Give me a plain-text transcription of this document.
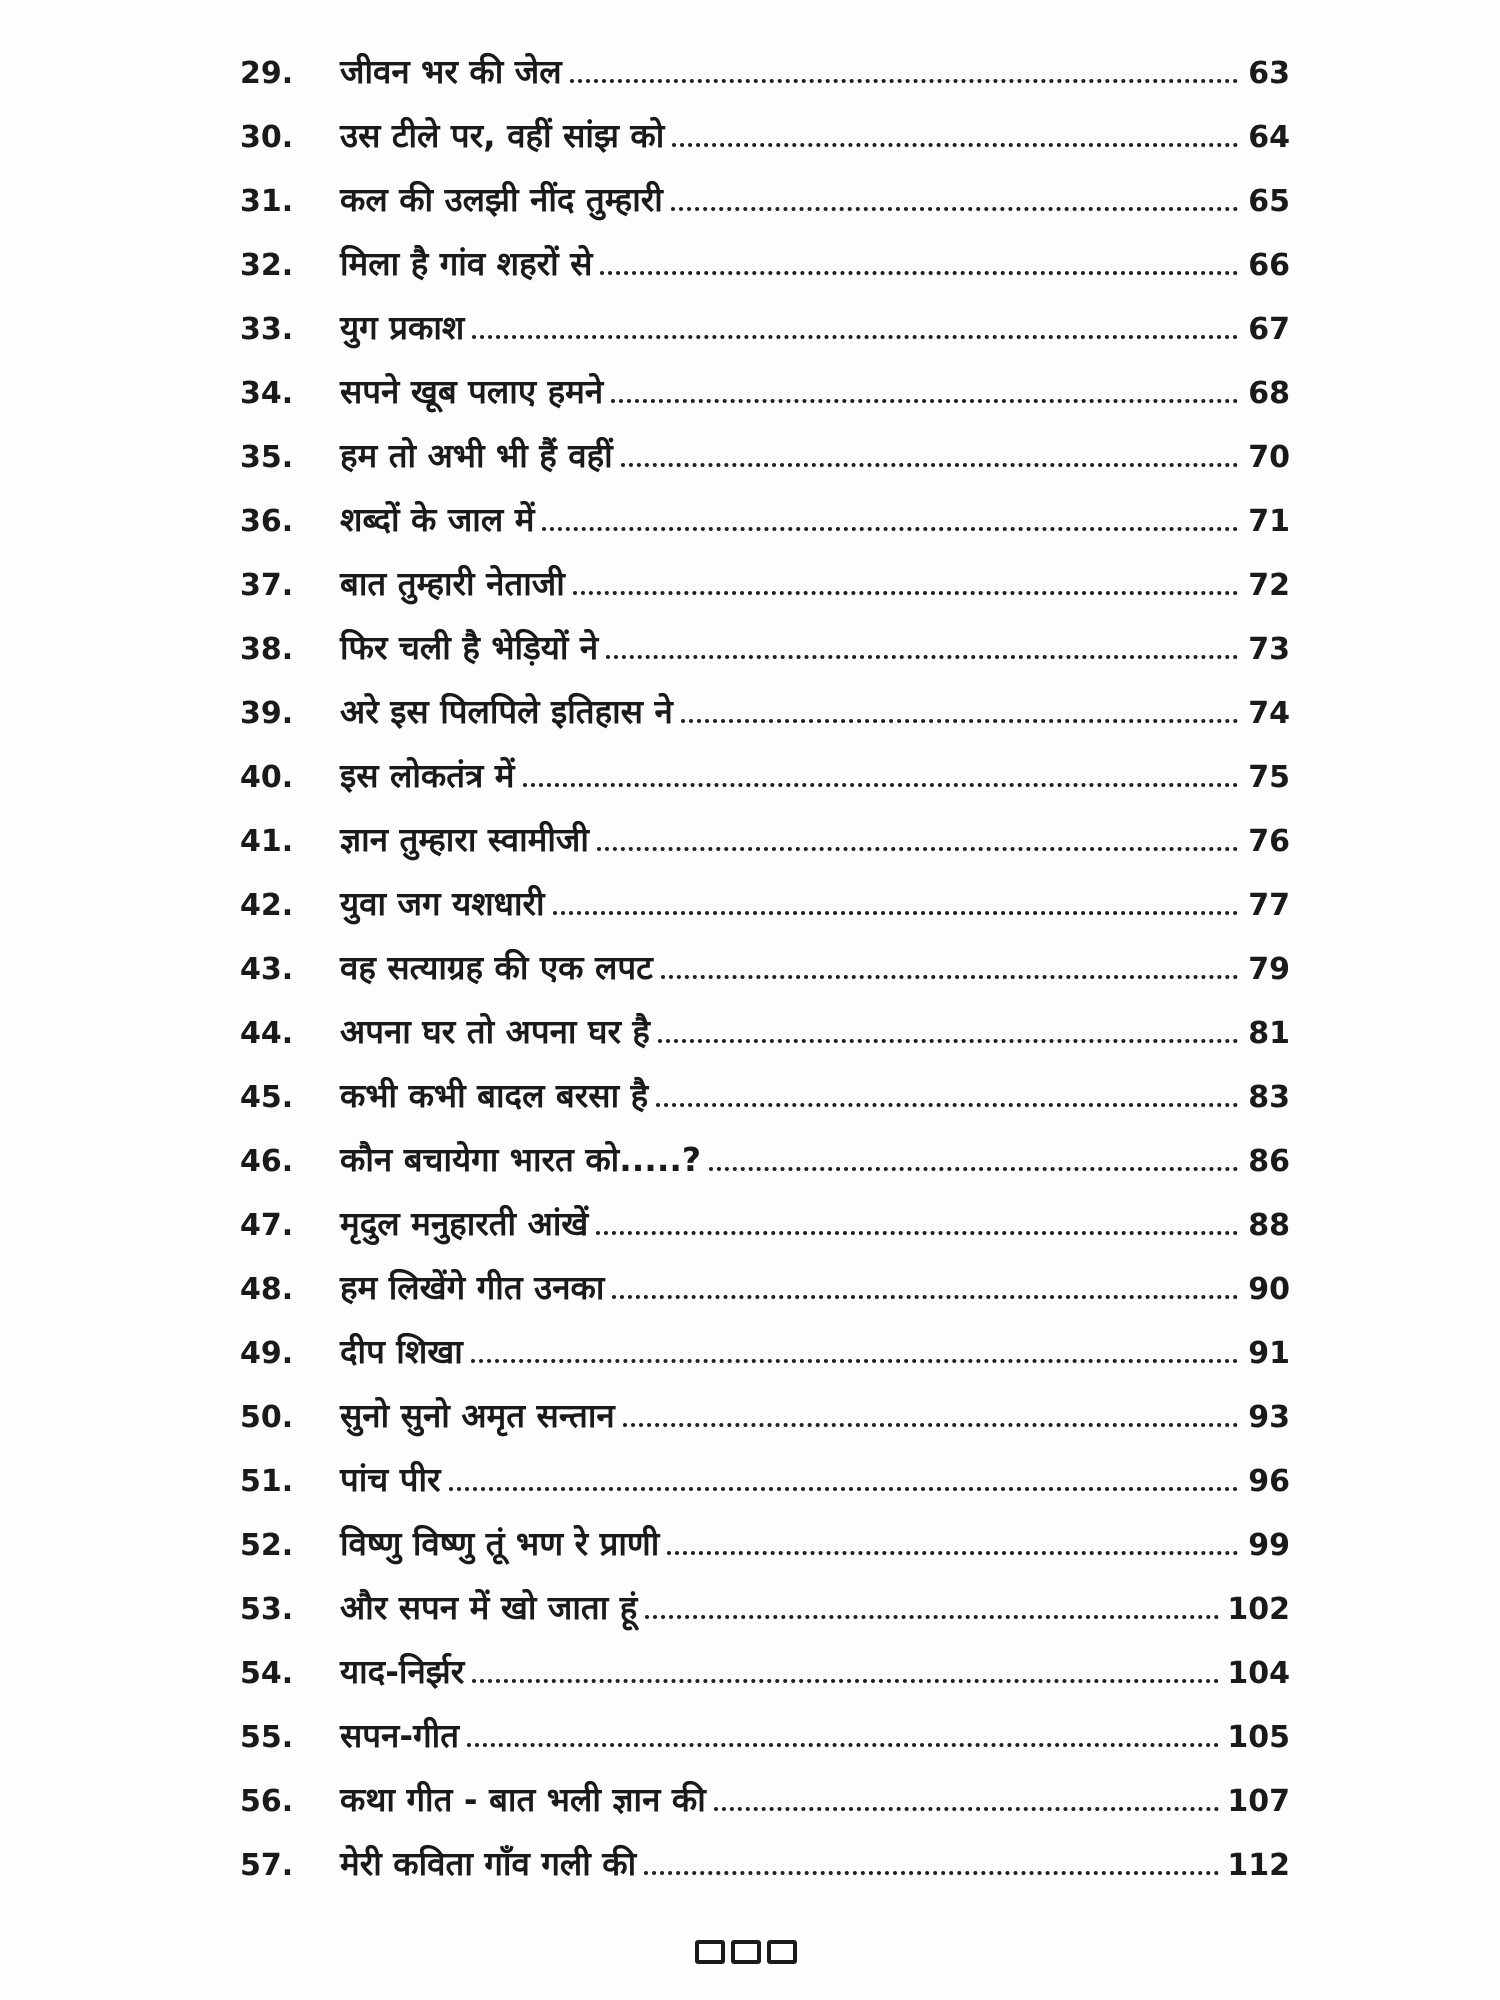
29.	जीवन भर की जेल	63
30.	उस टीले पर, वहीं सांझ को	64
31.	कल की उलझी नींद तुम्हारी	65
32.	मिला है गांव शहरों से	66
33.	युग प्रकाश	67
34.	सपने खूब पलाए हमने	68
35.	हम तो अभी भी हैं वहीं	70
36.	शब्दों के जाल में	71
37.	बात तुम्हारी नेताजी	72
38.	फिर चली है भेड़ियों ने	73
39.	अरे इस पिलपिले इतिहास ने	74
40.	इस लोकतंत्र में	75
41.	ज्ञान तुम्हारा स्वामीजी	76
42.	युवा जग यशधारी	77
43.	वह सत्याग्रह की एक लपट	79
44.	अपना घर तो अपना घर है	81
45.	कभी कभी बादल बरसा है	83
46.	कौन बचायेगा भारत को.....?	86
47.	मृदुल मनुहारती आंखें	88
48.	हम लिखेंगे गीत उनका	90
49.	दीप शिखा	91
50.	सुनो सुनो अमृत सन्तान	93
51.	पांच पीर	96
52.	विष्णु विष्णु तूं भण रे प्राणी	99
53.	और सपन में खो जाता हूं	102
54.	याद-निर्झर	104
55.	सपन-गीत	105
56.	कथा गीत - बात भली ज्ञान की	107
57.	मेरी कविता गाँव गली की	112
